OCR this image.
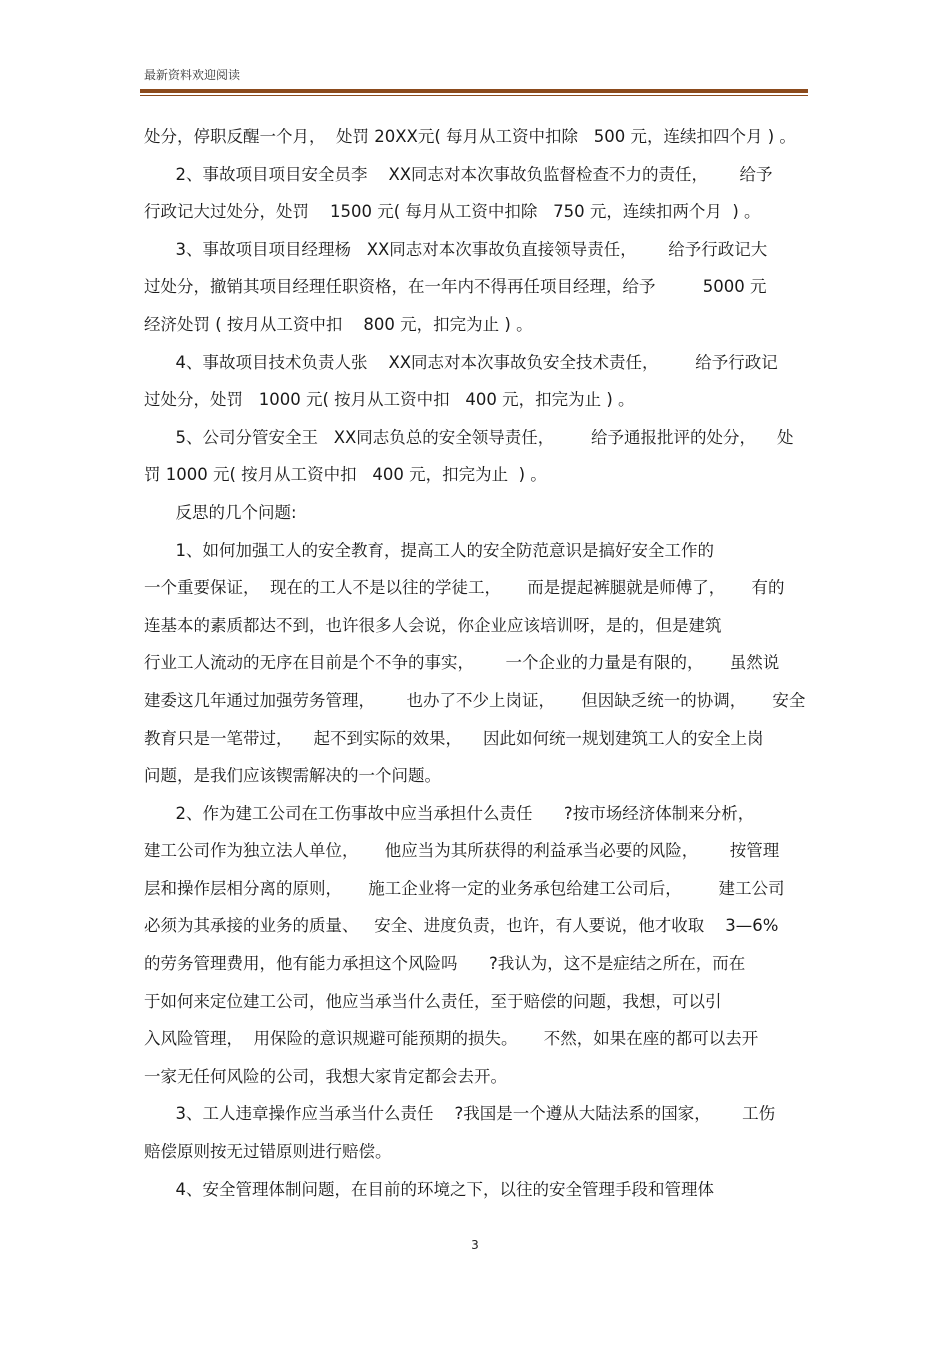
最新资料欢迎阅读
处分，停职反醒一个月，  处罚 20XX元( 每月从工资中扣除   500 元，连续扣四个月 ) 。
2、事故项目项目安全员李    XX同志对本次事故负监督检查不力的责任，      给予
行政记大过处分，处罚    1500 元( 每月从工资中扣除   750 元，连续扣两个月  ) 。
3、事故项目项目经理杨   XX同志对本次事故负直接领导责任，      给予行政记大
过处分，撤销其项目经理任职资格，在一年内不得再任项目经理，给予         5000 元
经济处罚 ( 按月从工资中扣    800 元，扣完为止 ) 。
4、事故项目技术负责人张    XX同志对本次事故负安全技术责任，       给予行政记
过处分，处罚   1000 元( 按月从工资中扣   400 元，扣完为止 ) 。
5、公司分管安全王   XX同志负总的安全领导责任，       给予通报批评的处分，    处
罚 1000 元( 按月从工资中扣   400 元，扣完为止  ) 。
反思的几个问题:
1、如何加强工人的安全教育，提高工人的安全防范意识是搞好安全工作的
一个重要保证，  现在的工人不是以往的学徒工，     而是提起裤腿就是师傅了，     有的
连基本的素质都达不到，也许很多人会说，你企业应该培训呀，是的，但是建筑
行业工人流动的无序在目前是个不争的事实，      一个企业的力量是有限的，     虽然说
建委这几年通过加强劳务管理，      也办了不少上岗证，     但因缺乏统一的协调，     安全
教育只是一笔带过，    起不到实际的效果，    因此如何统一规划建筑工人的安全上岗
问题，是我们应该锲需解决的一个问题。
2、作为建工公司在工伤事故中应当承担什么责任      ?按市场经济体制来分析，
建工公司作为独立法人单位，     他应当为其所获得的利益承当必要的风险，      按管理
层和操作层相分离的原则，     施工企业将一定的业务承包给建工公司后，       建工公司
必须为其承接的业务的质量、   安全、进度负责，也许，有人要说，他才收取    3—6%
的劳务管理费用，他有能力承担这个风险吗      ?我认为，这不是症结之所在，而在
于如何来定位建工公司，他应当承当什么责任，至于赔偿的问题，我想，可以引
入风险管理，  用保险的意识规避可能预期的损失。     不然，如果在座的都可以去开
一家无任何风险的公司，我想大家肯定都会去开。
3、工人违章操作应当承当什么责任    ?我国是一个遵从大陆法系的国家，      工伤
赔偿原则按无过错原则进行赔偿。
4、安全管理体制问题，在目前的环境之下，以往的安全管理手段和管理体
3
